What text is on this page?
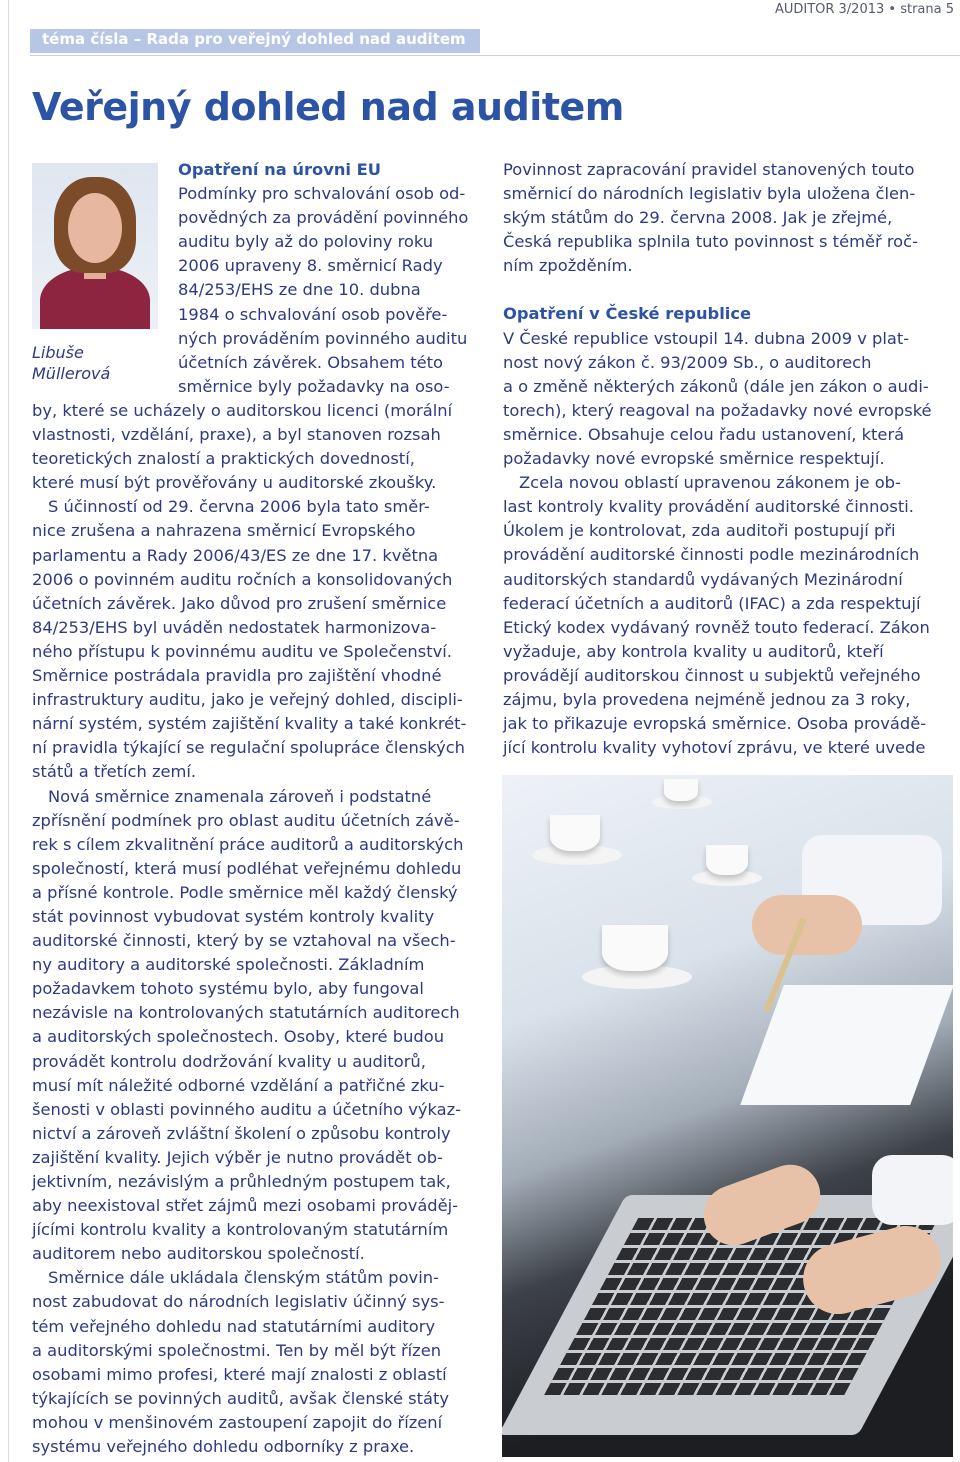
téma čísla – Rada pro veřejný dohled nad auditem
AUDITOR 3/2013 • strana 5
Veřejný dohled nad auditem
Libuše
Müllerová
Opatření na úrovni EU
Podmínky pro schvalování osob od-
povědných za provádění povinného
auditu byly až do poloviny roku
2006 upraveny 8. směrnicí Rady
84/253/EHS ze dne 10. dubna
1984 o schvalování osob pověře-
ných prováděním povinného auditu
účetních závěrek. Obsahem této
směrnice byly požadavky na oso-
by, které se ucházely o auditorskou licenci (morální
vlastnosti, vzdělání, praxe), a byl stanoven rozsah
teoretických znalostí a praktických dovedností,
které musí být prověřovány u auditorské zkoušky.
S účinností od 29. června 2006 byla tato směr-
nice zrušena a nahrazena směrnicí Evropského
parlamentu a Rady 2006/43/ES ze dne 17. května
2006 o povinném auditu ročních a konsolidovaných
účetních závěrek. Jako důvod pro zrušení směrnice
84/253/EHS byl uváděn nedostatek harmonizova-
ného přístupu k povinnému auditu ve Společenství.
Směrnice postrádala pravidla pro zajištění vhodné
infrastruktury auditu, jako je veřejný dohled, discipli-
nární systém, systém zajištění kvality a také konkrét-
ní pravidla týkající se regulační spolupráce členských
států a třetích zemí.
Nová směrnice znamenala zároveň i podstatné
zpřísnění podmínek pro oblast auditu účetních závě-
rek s cílem zkvalitnění práce auditorů a auditorských
společností, která musí podléhat veřejnému dohledu
a přísné kontrole. Podle směrnice měl každý členský
stát povinnost vybudovat systém kontroly kvality
auditorské činnosti, který by se vztahoval na všech-
ny auditory a auditorské společnosti. Základním
požadavkem tohoto systému bylo, aby fungoval
nezávisle na kontrolovaných statutárních auditorech
a auditorských společnostech. Osoby, které budou
provádět kontrolu dodržování kvality u auditorů,
musí mít náležité odborné vzdělání a patřičné zku-
šenosti v oblasti povinného auditu a účetního výkaz-
nictví a zároveň zvláštní školení o způsobu kontroly
zajištění kvality. Jejich výběr je nutno provádět ob-
jektivním, nezávislým a průhledným postupem tak,
aby neexistoval střet zájmů mezi osobami prováděj-
jícími kontrolu kvality a kontrolovaným statutárním
auditorem nebo auditorskou společností.
Směrnice dále ukládala členským státům povin-
nost zabudovat do národních legislativ účinný sys-
tém veřejného dohledu nad statutárními auditory
a auditorskými společnostmi. Ten by měl být řízen
osobami mimo profesi, které mají znalosti z oblastí
týkajících se povinných auditů, avšak členské státy
mohou v menšinovém zastoupení zapojit do řízení
systému veřejného dohledu odborníky z praxe.
Povinnost zapracování pravidel stanovených touto
směrnicí do národních legislativ byla uložena člen-
ským státům do 29. června 2008. Jak je zřejmé,
Česká republika splnila tuto povinnost s téměř roč-
ním zpožděním.
Opatření v České republice
V České republice vstoupil 14. dubna 2009 v plat-
nost nový zákon č. 93/2009 Sb., o auditorech
a o změně některých zákonů (dále jen zákon o audi-
torech), který reagoval na požadavky nové evropské
směrnice. Obsahuje celou řadu ustanovení, která
požadavky nové evropské směrnice respektují.
Zcela novou oblastí upravenou zákonem je ob-
last kontroly kvality provádění auditorské činnosti.
Úkolem je kontrolovat, zda auditoři postupují při
provádění auditorské činnosti podle mezinárodních
auditorských standardů vydávaných Mezinárodní
federací účetních a auditorů (IFAC) a zda respektují
Etický kodex vydávaný rovněž touto federací. Zákon
vyžaduje, aby kontrola kvality u auditorů, kteří
provádějí auditorskou činnost u subjektů veřejného
zájmu, byla provedena nejméně jednou za 3 roky,
jak to přikazuje evropská směrnice. Osoba provádě-
jící kontrolu kvality vyhotoví zprávu, ve které uvede
